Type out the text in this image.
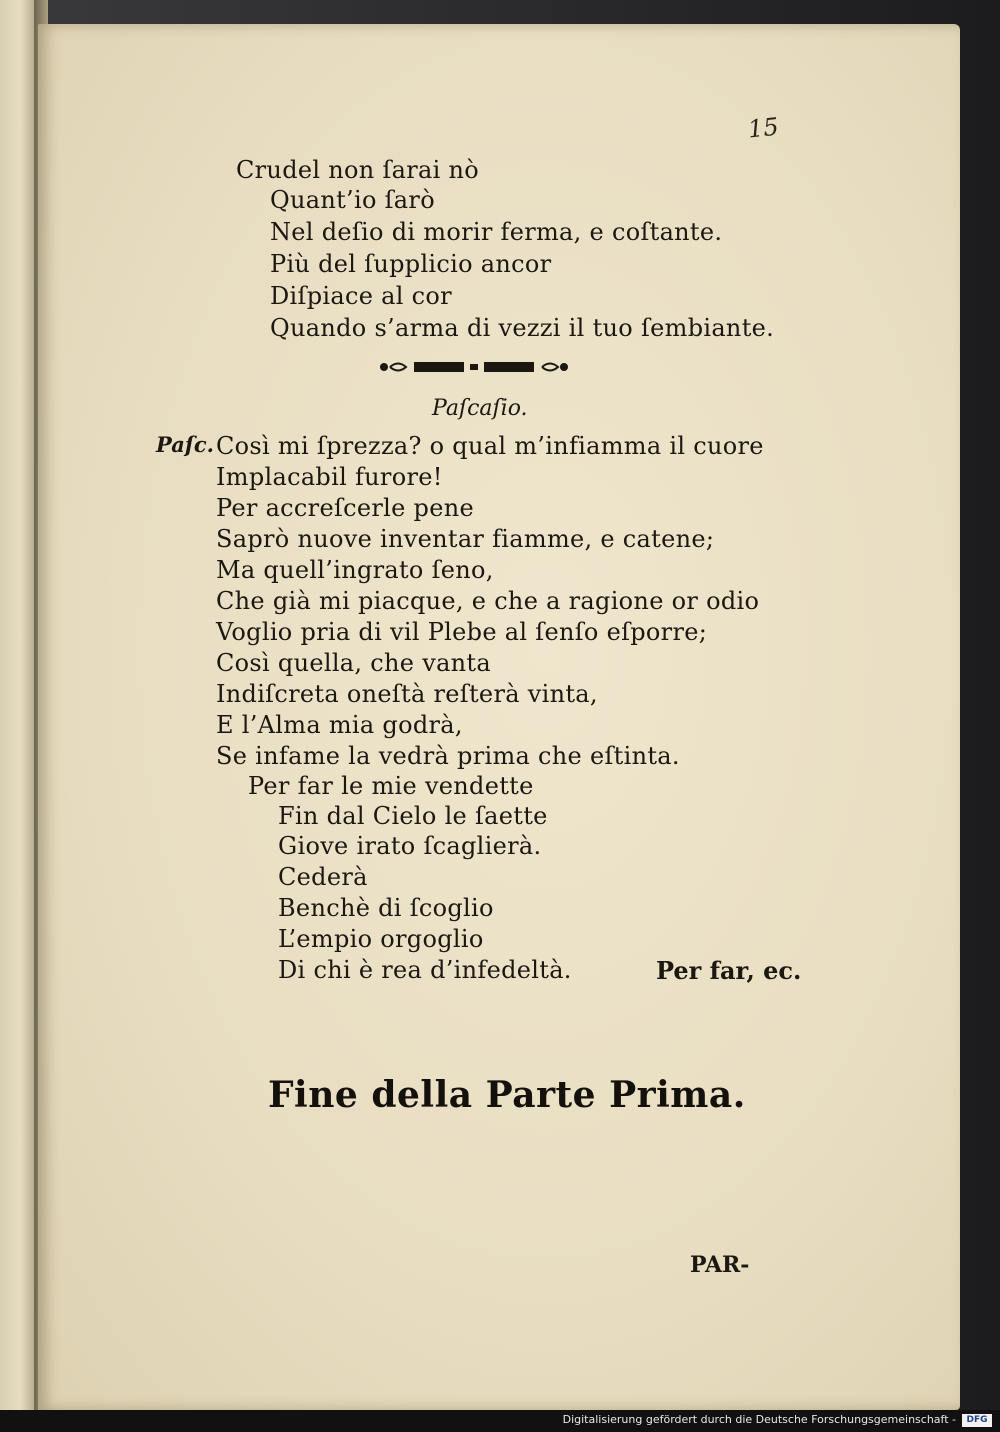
15
Crudel non ſarai nò
Quant’io ſarò
Nel deſio di morir ferma, e coſtante.
Più del ſupplicio ancor
Diſpiace al cor
Quando s’arma di vezzi il tuo ſembiante.
Paſcaſio.
Paſc. Così mi ſprezza? o qual m’infiamma il cuore
Implacabil furore!
Per accreſcerle pene
Saprò nuove inventar fiamme, e catene;
Ma quell’ingrato ſeno,
Che già mi piacque, e che a ragione or odio
Voglio pria di vil Plebe al ſenſo eſporre;
Così quella, che vanta
Indiſcreta oneſtà reſterà vinta,
E l’Alma mia godrà,
Se infame la vedrà prima che eſtinta.
Per far le mie vendette
Fin dal Cielo le ſaette
Giove irato ſcaglierà.
Cederà
Benchè di ſcoglio
L’empio orgoglio
Di chi è rea d’infedeltà.	Per far, ec.
Fine della Parte Prima.
PAR-
Digitalisierung gefördert durch die Deutsche Forschungsgemeinschaft -	DFG
